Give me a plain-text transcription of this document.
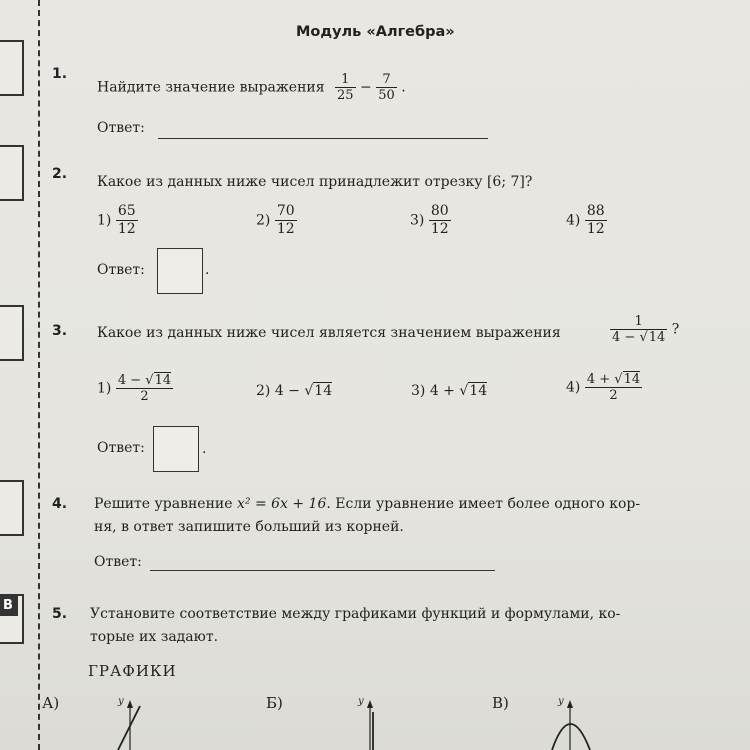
В
Модуль «Алгебра»
1.
Найдите значение выражения $\frac{1}{25} - \frac{7}{50}$ .
Ответ:
2. Какое из данных ниже чисел принадлежит отрезку [6; 7]?
$1) \frac{65}{12}$	$2) \frac{70}{12}$	$3) \frac{80}{12}$	$4) \frac{88}{12}$
Ответ:	.
3. Какое из данных ниже чисел является значением выражения	$\frac{1}{4 - √14}$ ?
$1) \frac{4 - √14}{2}$	2) 4 − √14	3) 4 + √14	$4) \frac{4 + √14}{2}$
Ответ:	.
4. Решите уравнение x² = 6x + 16. Если уравнение имеет более одного кор-
ня, в ответ запишите больший из корней.
Ответ:
5. Установите соответствие между графиками функций и формулами, ко-
торые их задают.
ГРАФИКИ
А)	Б)	В)
y	y	y
